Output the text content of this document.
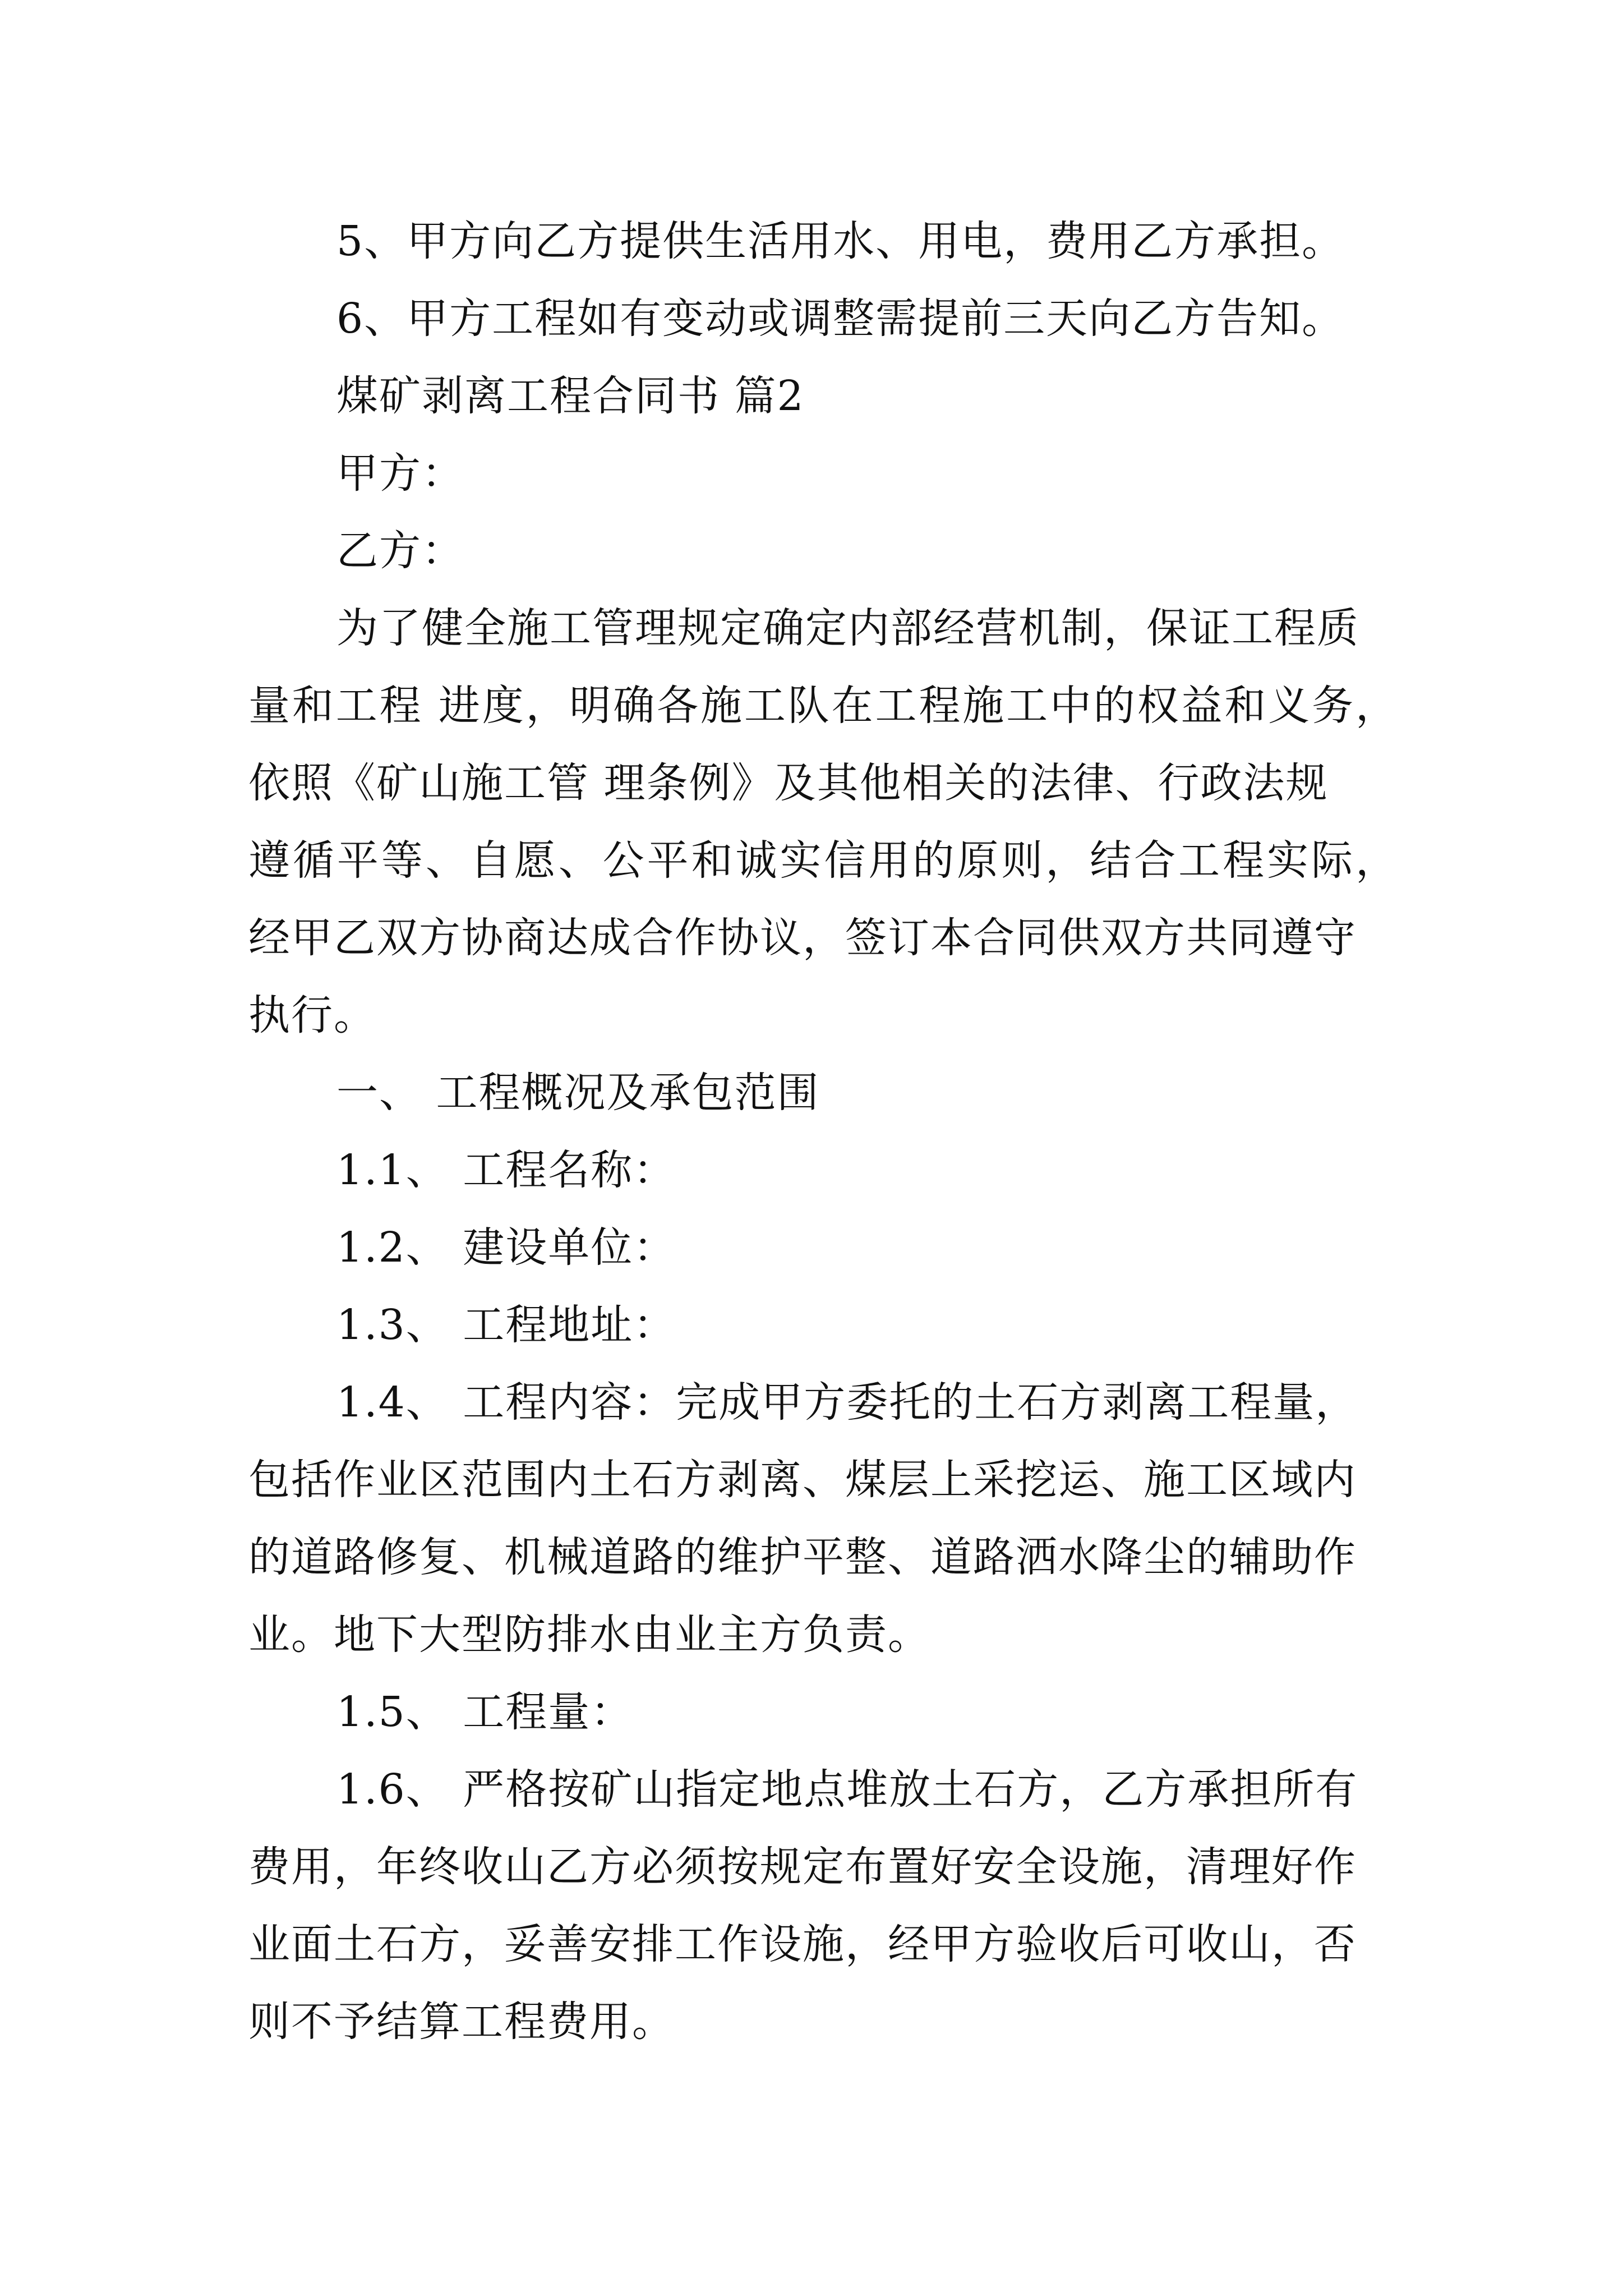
5、甲方向乙方提供生活用水、用电，费用乙方承担。
6、甲方工程如有变动或调整需提前三天向乙方告知。
煤矿剥离工程合同书 篇2
甲方：
乙方：
为了健全施工管理规定确定内部经营机制，保证工程质
量和工程 进度，明确各施工队在工程施工中的权益和义务，
依照《矿山施工管 理条例》及其他相关的法律、行政法规
遵循平等、自愿、公平和诚实信用的原则，结合工程实际，
经甲乙双方协商达成合作协议，签订本合同供双方共同遵守
执行。
一、 工程概况及承包范围
1.1、 工程名称：
1.2、 建设单位：
1.3、 工程地址：
1.4、 工程内容：完成甲方委托的土石方剥离工程量，
包括作业区范围内土石方剥离、煤层上采挖运、施工区域内
的道路修复、机械道路的维护平整、道路洒水降尘的辅助作
业。地下大型防排水由业主方负责。
1.5、 工程量：
1.6、 严格按矿山指定地点堆放土石方，乙方承担所有
费用，年终收山乙方必须按规定布置好安全设施，清理好作
业面土石方，妥善安排工作设施，经甲方验收后可收山，否
则不予结算工程费用。
